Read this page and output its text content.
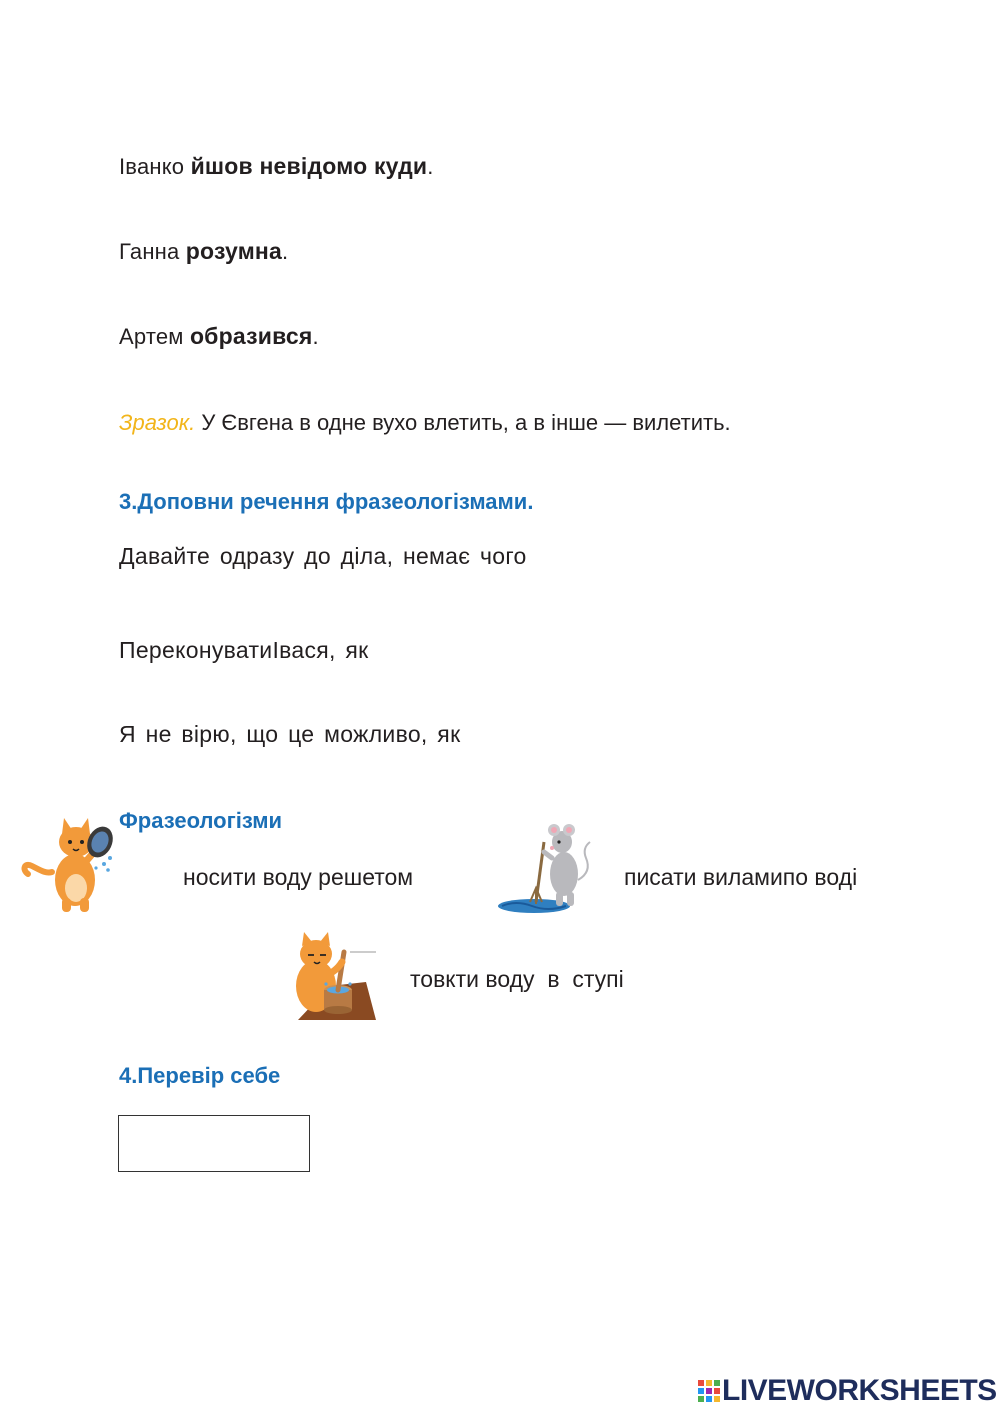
Іванко йшов невідомо куди.
Ганна розумна.
Артем образився.
Зразок. У Євгена в одне вухо влетить, а в інше — вилетить.
3.Доповни речення фразеологізмами.
Давайте одразу до діла, немає чого
ПереконуватиІвася, як
Я не вірю, що це можливо, як
Фразеологізми
носити воду решетом	писати виламипо воді
товкти воду  в  ступі
4.Перевір себе
LIVEWORKSHEETS
